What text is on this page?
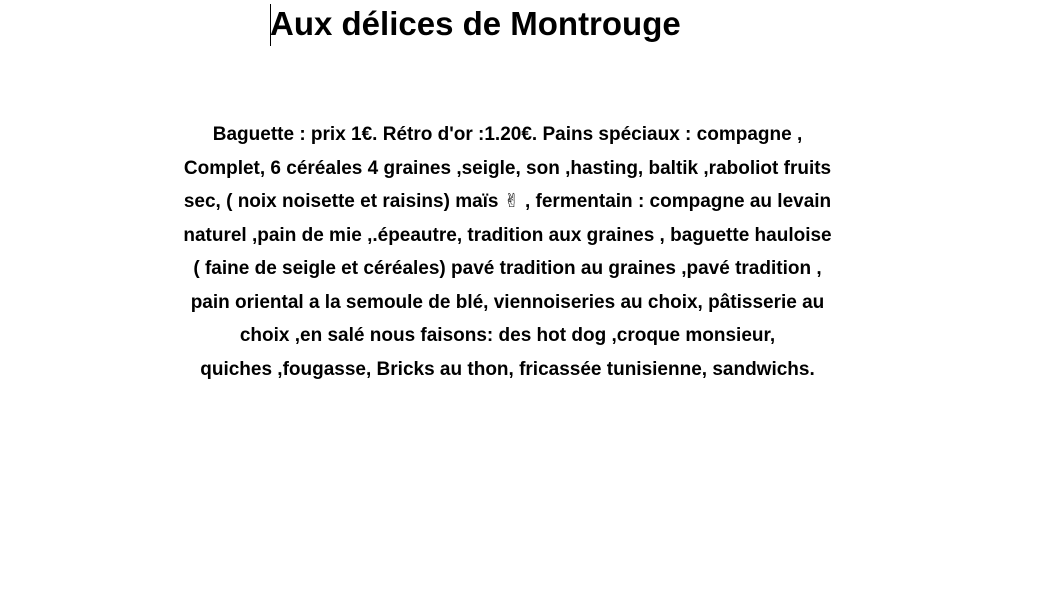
Aux délices de Montrouge

Baguette : prix 1€. Rétro d'or :1.20€. Pains spéciaux : compagne ,
Complet, 6 céréales 4 graines ,seigle, son ,hasting, baltik ,raboliot fruits
sec, ( noix noisette et raisins) maïs ✌ , fermentain : compagne au levain
naturel ,pain de mie ,.épeautre, tradition aux graines , baguette hauloise
( faine de seigle et céréales) pavé tradition au graines ,pavé tradition ,
pain oriental a la semoule de blé, viennoiseries au choix, pâtisserie au
choix ,en salé nous faisons: des hot dog ,croque monsieur,
quiches ,fougasse, Bricks au thon, fricassée tunisienne, sandwichs.
